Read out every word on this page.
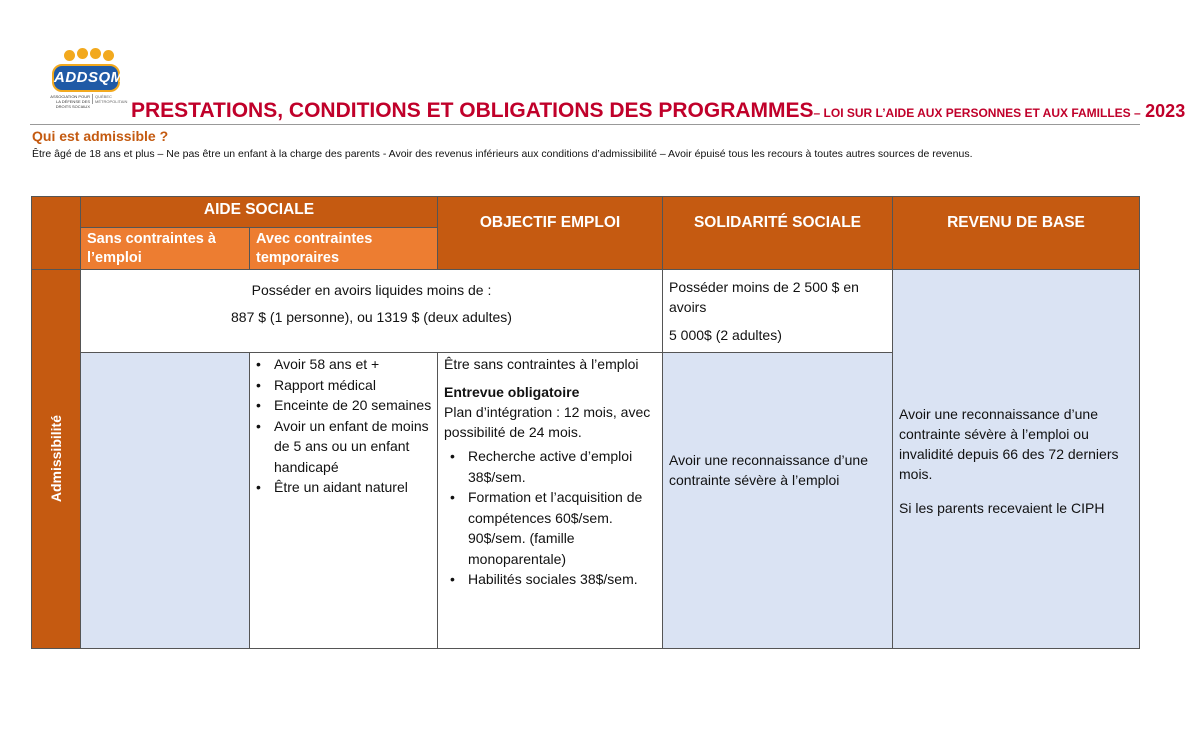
ADDSQM
ASSOCIATION POUR LA DÉFENSE DES DROITS SOCIAUX
QUÉBEC MÉTROPOLITAIN PRESTATIONS, CONDITIONS ET OBLIGATIONS DES PROGRAMMES– LOI SUR L’AIDE AUX PERSONNES ET AUX FAMILLES – 2023
Qui est admissible ?
Être âgé de 18 ans et plus – Ne pas être un enfant à la charge des parents - Avoir des revenus inférieurs aux conditions d’admissibilité – Avoir épuisé tous les recours à toutes autres sources de revenus.
AIDE SOCIALE
Sans contraintes à l’emploi
Avec contraintes temporaires
OBJECTIF EMPLOI	SOLIDARITÉ SOCIALE	REVENU DE BASE
Admissibilité

Posséder en avoirs liquides moins de :

887 $ (1 personne), ou 1319 $ (deux adultes)

Posséder moins de 2 500 $ en avoirs

5 000$ (2 adultes)

Avoir une reconnaissance d’une contrainte sévère à l’emploi ou invalidité depuis 66 des 72 derniers mois.

Si les parents recevaient le CIPH

• Avoir 58 ans et +
• Rapport médical
• Enceinte de 20 semaines
• Avoir un enfant de moins de 5 ans ou un enfant handicapé
• Être un aidant naturel

Être sans contraintes à l’emploi

Entrevue obligatoire

Plan d’intégration : 12 mois, avec possibilité de 24 mois.

• Recherche active d’emploi 38$/sem.
• Formation et l’acquisition de compétences 60$/sem. 90$/sem. (famille monoparentale)
• Habilités sociales 38$/sem.

Avoir une reconnaissance d’une contrainte sévère à l’emploi
